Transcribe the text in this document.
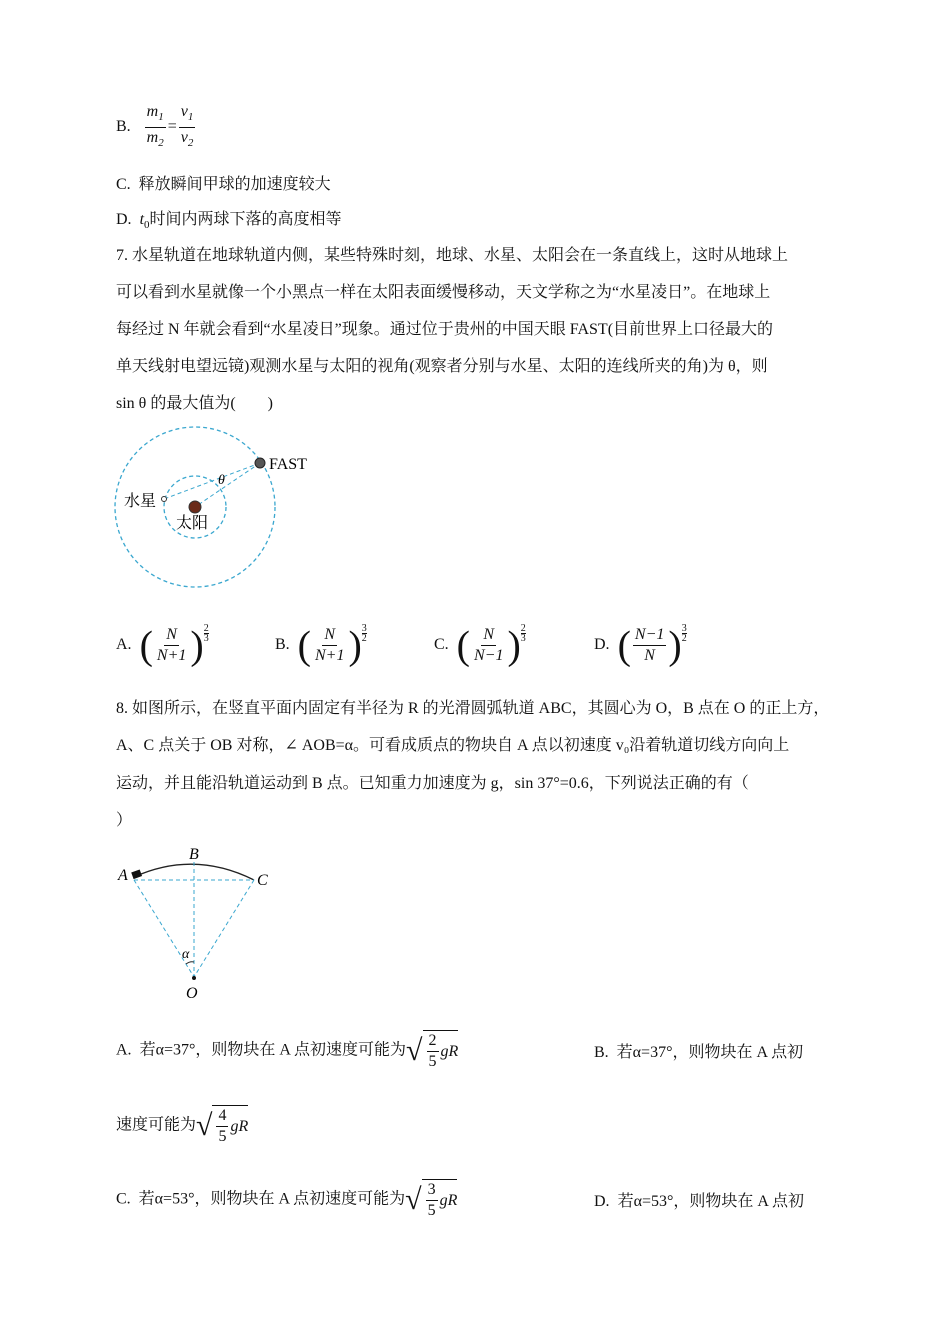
B. $\frac{m_1}{m_2} = \frac{v_1}{v_2}$
C. 释放瞬间甲球的加速度较大
D. $t_0$时间内两球下落的高度相等
7. 水星轨道在地球轨道内侧，某些特殊时刻，地球、水星、太阳会在一条直线上，这时从地球上
可以看到水星就像一个小黑点一样在太阳表面缓慢移动，天文学称之为“水星凌日”。在地球上
每经过 N 年就会看到“水星凌日”现象。通过位于贵州的中国天眼 FAST(目前世界上口径最大的
单天线射电望远镜)观测水星与太阳的视角(观察者分别与水星、太阳的连线所夹的角)为 θ，则
sin θ 的最大值为(　　)
FAST
水星
太阳
θ
A. ( $\frac{N}{N+1}$ ) $\frac{2}{3}$
B. ( $\frac{N}{N+1}$ ) $\frac{3}{2}$
C. ( $\frac{N}{N-1}$ ) $\frac{2}{3}$
D. ( $\frac{N-1}{N}$ ) $\frac{3}{2}$
8. 如图所示，在竖直平面内固定有半径为 R 的光滑圆弧轨道 ABC，其圆心为 O，B 点在 O 的正上方，
A、C 点关于 OB 对称，∠ AOB=α。可看成质点的物块自 A 点以初速度 v₀沿着轨道切线方向向上
运动，并且能沿轨道运动到 B 点。已知重力加速度为 g，sin 37°=0.6，下列说法正确的有（
）
A
B
C
O
α
A. 若α=37°，则物块在 A 点初速度可能为 √ $\frac{2}{5}$ gR	B. 若α=37°，则物块在 A 点初
速度可能为 √ $\frac{4}{5}$ gR
C. 若α=53°，则物块在 A 点初速度可能为 √ $\frac{3}{5}$ gR	D. 若α=53°，则物块在 A 点初
